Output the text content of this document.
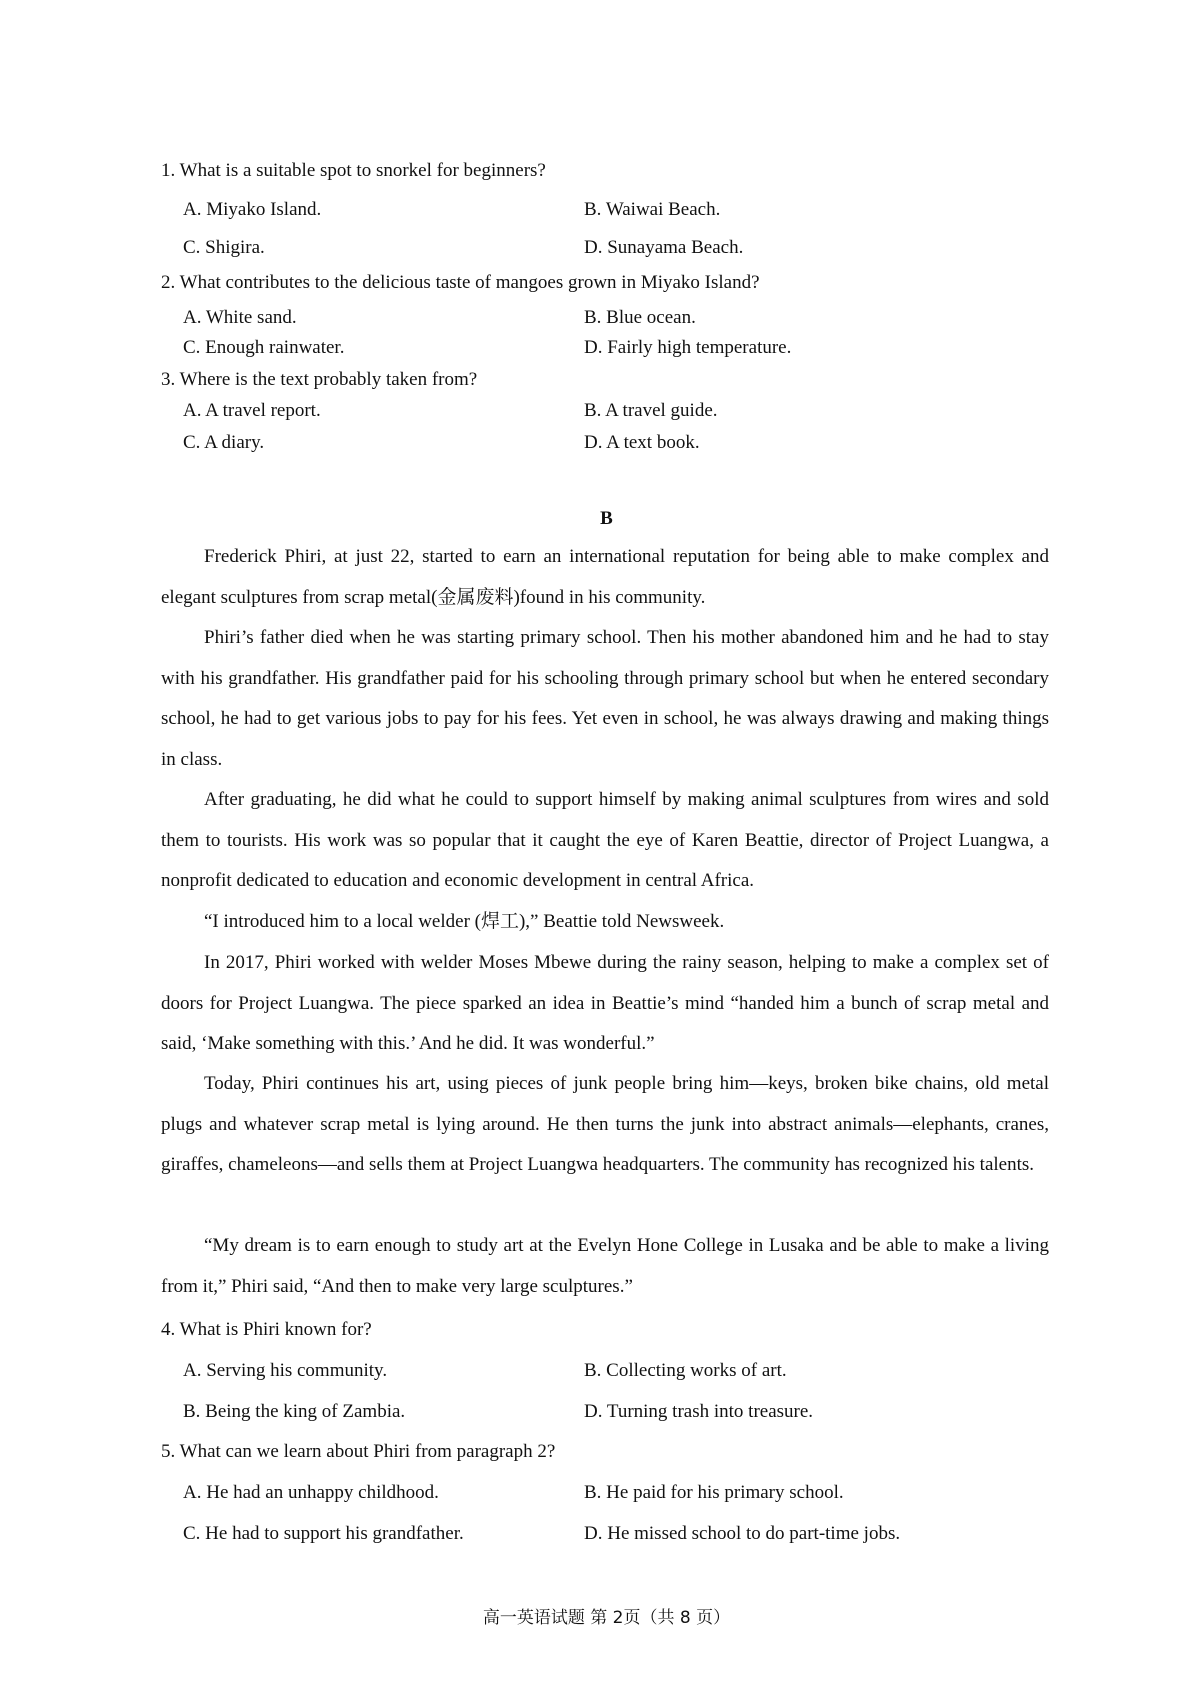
1. What is a suitable spot to snorkel for beginners?
A. Miyako Island.	B. Waiwai Beach.
C. Shigira.	D. Sunayama Beach.
2. What contributes to the delicious taste of mangoes grown in Miyako Island?
A. White sand.	B. Blue ocean.
C. Enough rainwater.	D. Fairly high temperature.
3. Where is the text probably taken from?
A. A travel report.	B. A travel guide.
C. A diary.	D. A text book.
B
Frederick Phiri, at just 22, started to earn an international reputation for being able to make complex and elegant sculptures from scrap metal(金属废料)found in his community.
Phiri’s father died when he was starting primary school. Then his mother abandoned him and he had to stay with his grandfather. His grandfather paid for his schooling through primary school but when he entered secondary school, he had to get various jobs to pay for his fees. Yet even in school, he was always drawing and making things in class.
After graduating, he did what he could to support himself by making animal sculptures from wires and sold them to tourists. His work was so popular that it caught the eye of Karen Beattie, director of Project Luangwa, a nonprofit dedicated to education and economic development in central Africa.
“I introduced him to a local welder (焊工),” Beattie told Newsweek.
In 2017, Phiri worked with welder Moses Mbewe during the rainy season, helping to make a complex set of doors for Project Luangwa. The piece sparked an idea in Beattie’s mind “handed him a bunch of scrap metal and said, ‘Make something with this.’ And he did. It was wonderful.”
Today, Phiri continues his art, using pieces of junk people bring him—keys, broken bike chains, old metal plugs and whatever scrap metal is lying around. He then turns the junk into abstract animals—elephants, cranes, giraffes, chameleons—and sells them at Project Luangwa headquarters. The community has recognized his talents.
“My dream is to earn enough to study art at the Evelyn Hone College in Lusaka and be able to make a living from it,” Phiri said, “And then to make very large sculptures.”
4. What is Phiri known for?
A. Serving his community.	B. Collecting works of art.
B. Being the king of Zambia.	D. Turning trash into treasure.
5. What can we learn about Phiri from paragraph 2?
A. He had an unhappy childhood.	B. He paid for his primary school.
C. He had to support his grandfather.	D. He missed school to do part-time jobs.
高一英语试题 第 2页（共 8 页）
